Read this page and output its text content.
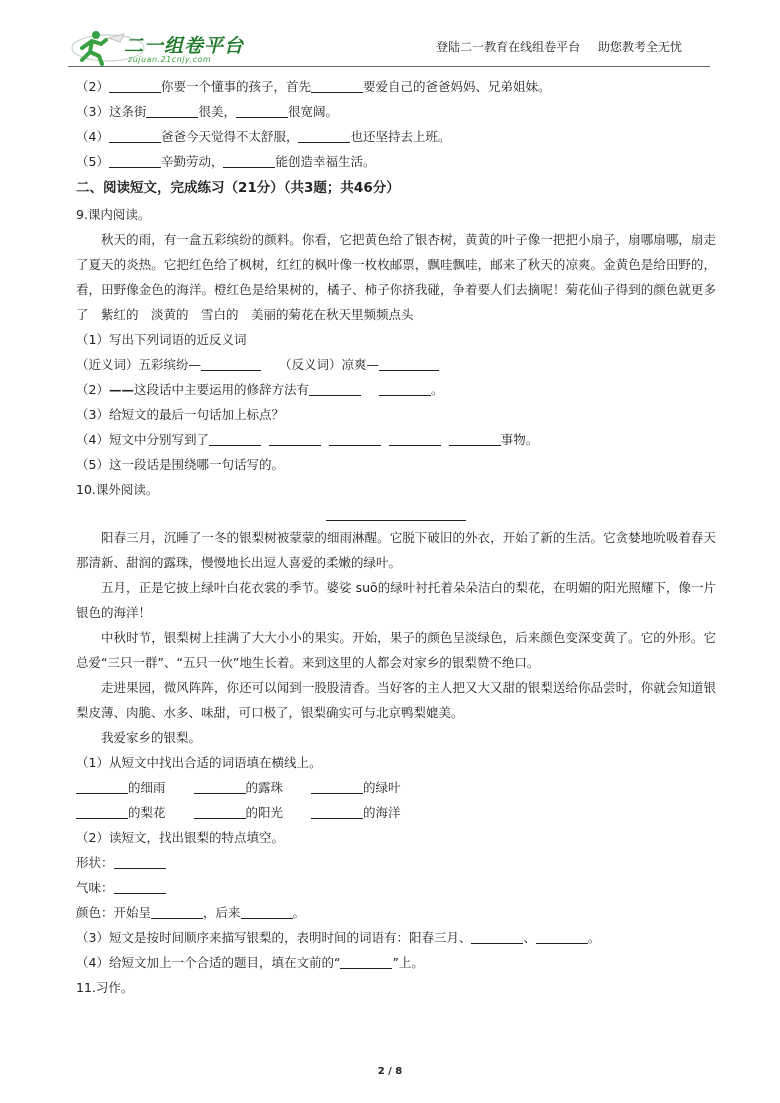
二一组卷平台
zujuan.21cnjy.com
登陆二一教育在线组卷平台 助您教考全无忧
（2）	你要一个懂事的孩子，首先	要爱自己的爸爸妈妈、兄弟姐妹。
（3）这条街	很美，	很宽阔。
（4）	爸爸今天觉得不太舒服，	也还坚持去上班。
（5）	辛勤劳动，	能创造幸福生活。
二、阅读短文，完成练习（21分）（共3题；共46分）
9.课内阅读。
秋天的雨，有一盒五彩缤纷的颜料。你看，它把黄色给了银杏树，黄黄的叶子像一把把小扇子，扇哪扇哪，扇走了夏天的炎热。它把红色给了枫树，红红的枫叶像一枚枚邮票，飘哇飘哇，邮来了秋天的凉爽。金黄色是给田野的，看，田野像金色的海洋。橙红色是给果树的，橘子、柿子你挤我碰，争着要人们去摘呢！菊花仙子得到的颜色就更多了　紫红的　淡黄的　雪白的　美丽的菊花在秋天里频频点头
（1）写出下列词语的近反义词
（近义词）五彩缤纷—	（反义词）凉爽—
（2）——这段话中主要运用的修辞方法有	。
（3）给短文的最后一句话加上标点？
（4）短文中分别写到了	事物。
（5）这一段话是围绕哪一句话写的。
10.课外阅读。
阳春三月，沉睡了一冬的银梨树被蒙蒙的细雨淋醒。它脱下破旧的外衣，开始了新的生活。它贪婪地吮吸着春天那清新、甜润的露珠，慢慢地长出逗人喜爱的柔嫩的绿叶。
五月，正是它披上绿叶白花衣裳的季节。婆娑 suō的绿叶衬托着朵朵洁白的梨花，在明媚的阳光照耀下，像一片银色的海洋！
中秋时节，银梨树上挂满了大大小小的果实。开始，果子的颜色呈淡绿色，后来颜色变深变黄了。它的外形。它总爱“三只一群”、“五只一伙”地生长着。来到这里的人都会对家乡的银梨赞不绝口。
走进果园，微风阵阵，你还可以闻到一股股清香。当好客的主人把又大又甜的银梨送给你品尝时，你就会知道银梨皮薄、肉脆、水多、味甜，可口极了，银梨确实可与北京鸭梨媲美。
我爱家乡的银梨。
（1）从短文中找出合适的词语填在横线上。
的细雨	的露珠	的绿叶
的梨花	的阳光	的海洋
（2）读短文，找出银梨的特点填空。
形状：
气味：
颜色：开始呈	，后来	。
（3）短文是按时间顺序来描写银梨的，表明时间的词语有：阳春三月、	、	。
（4）给短文加上一个合适的题目，填在文前的“	”上。
11.习作。
2 / 8
